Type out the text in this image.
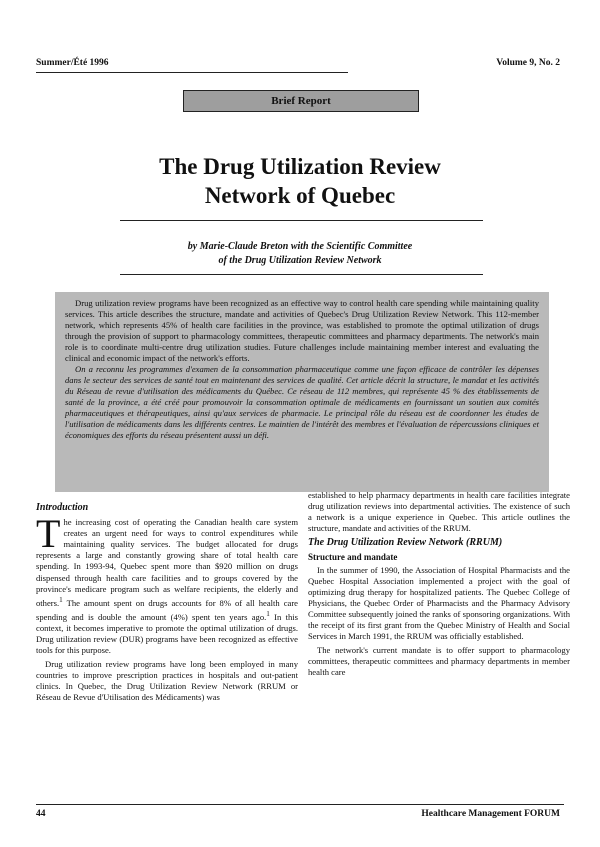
Summer/Été 1996	Volume 9, No. 2
Brief Report
The Drug Utilization Review
Network of Quebec
by Marie-Claude Breton with the Scientific Committee
of the Drug Utilization Review Network

Drug utilization review programs have been recognized as an effective way to control health care spending while maintaining quality services. This article describes the structure, mandate and activities of Quebec's Drug Utilization Review Network. This 112-member network, which represents 45% of health care facilities in the province, was established to promote the optimal utilization of drugs through the provision of support to pharmacology committees, therapeutic committees and pharmacy departments. The network's main role is to coordinate multi-centre drug utilization studies. Future challenges include maintaining member interest and evaluating the clinical and economic impact of the network's efforts.

On a reconnu les programmes d'examen de la consommation pharmaceutique comme une façon efficace de contrôler les dépenses dans le secteur des services de santé tout en maintenant des services de qualité. Cet article décrit la structure, le mandat et les activités du Réseau de revue d'utilisation des médicaments du Québec. Ce réseau de 112 membres, qui représente 45 % des établissements de santé de la province, a été créé pour promouvoir la consommation optimale de médicaments en fournissant un soutien aux comités pharmaceutiques et thérapeutiques, ainsi qu'aux services de pharmacie. Le principal rôle du réseau est de coordonner les études de l'utilisation de médicaments dans les différents centres. Le maintien de l'intérêt des membres et l'évaluation de répercussions cliniques et économiques des efforts du réseau présentent aussi un défi.

Introduction

The increasing cost of operating the Canadian health care system creates an urgent need for ways to control expenditures while maintaining quality services. The budget allocated for drugs represents a large and constantly growing share of total health care spending. In 1993-94, Quebec spent more than $920 million on drugs dispensed through health care facilities and to groups covered by the province's medicare program such as welfare recipients, the elderly and others.$^1$ The amount spent on drugs accounts for 8% of all health care spending and is double the amount (4%) spent ten years ago.$^1$ In this context, it becomes imperative to promote the optimal utilization of drugs. Drug utilization review (DUR) programs have been recognized as effective tools for this purpose.

Drug utilization review programs have long been employed in many countries to improve prescription practices in hospitals and out-patient clinics. In Quebec, the Drug Utilization Review Network (RRUM or Réseau de Revue d'Utilisation des Médicaments) was

established to help pharmacy departments in health care facilities integrate drug utilization reviews into departmental activities. The existence of such a network is a unique experience in Quebec. This article outlines the structure, mandate and activities of the RRUM.

The Drug Utilization Review Network (RRUM)
Structure and mandate

In the summer of 1990, the Association of Hospital Pharmacists and the Quebec Hospital Association implemented a project with the goal of optimizing drug therapy for hospitalized patients. The Quebec College of Physicians, the Quebec Order of Pharmacists and the Pharmacy Advisory Committee subsequently joined the ranks of sponsoring organizations. With the receipt of its first grant from the Quebec Ministry of Health and Social Services in March 1991, the RRUM was officially established.

The network's current mandate is to offer support to pharmacology committees, therapeutic committees and pharmacy departments in member health care

44	Healthcare Management FORUM
